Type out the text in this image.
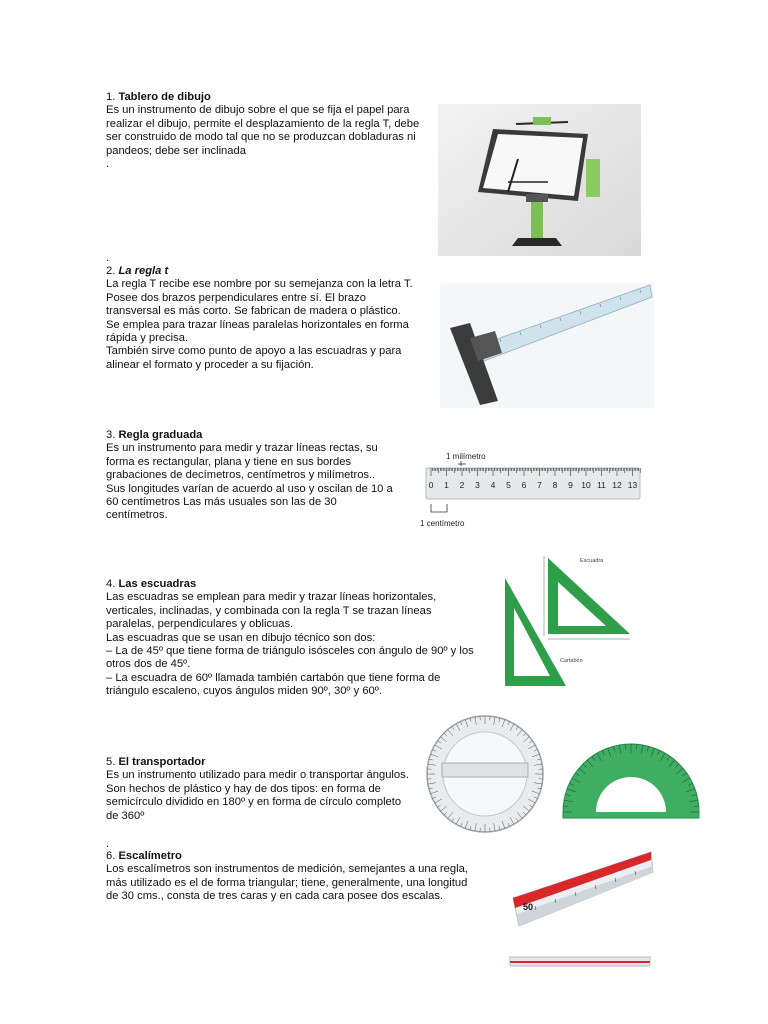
1. Tablero de dibujo

Es un instrumento de dibujo sobre el que se fija el papel para

realizar el dibujo, permite el desplazamiento de la regla T, debe

ser construido de modo tal que no se produzcan dobladuras ni

pandeos; debe ser inclinada

.

.

2. La regla t

La regla T recibe ese nombre por su semejanza con la letra T.

Posee dos brazos perpendiculares entre sí. El brazo

transversal es más corto. Se fabrican de madera o plástico.

Se emplea para trazar líneas paralelas horizontales en forma

rápida y precisa.

También sirve como punto de apoyo a las escuadras y para

alinear el formato y proceder a su fijación.

3. Regla graduada

Es un instrumento para medir y trazar líneas rectas, su

forma es rectangular, plana y tiene en sus bordes

grabaciones de decímetros, centímetros y milímetros..

Sus longitudes varían de acuerdo al uso y oscilan de 10 a

60 centímetros Las más usuales son las de 30

centímetros.

1 milímetro
0 1 2 3 4 5 6 7 8 9 10 11 12 13
1 centímetro

4. Las escuadras

Las escuadras se emplean para medir y trazar líneas horizontales,

verticales, inclinadas, y combinada con la regla T se trazan líneas

paralelas, perpendiculares y oblicuas.

Las escuadras que se usan en dibujo técnico son dos:

– La de 45º que tiene forma de triángulo isósceles con ángulo de 90º y los

otros dos de 45º.

– La escuadra de 60º llamada también cartabón que tiene forma de

triángulo escaleno, cuyos ángulos miden 90º, 30º y 60º.

Escuadra
Cartabón

5. El transportador

Es un instrumento utilizado para medir o transportar ángulos.

Son hechos de plástico y hay de dos tipos: en forma de

semicírculo dividido en 180º y en forma de círculo completo

de 360º

.

6. Escalímetro

Los escalímetros son instrumentos de medición, semejantes a una regla,

más utilizado es el de forma triangular; tiene, generalmente, una longitud

de 30 cms., consta de tres caras y en cada cara posee dos escalas.

50
